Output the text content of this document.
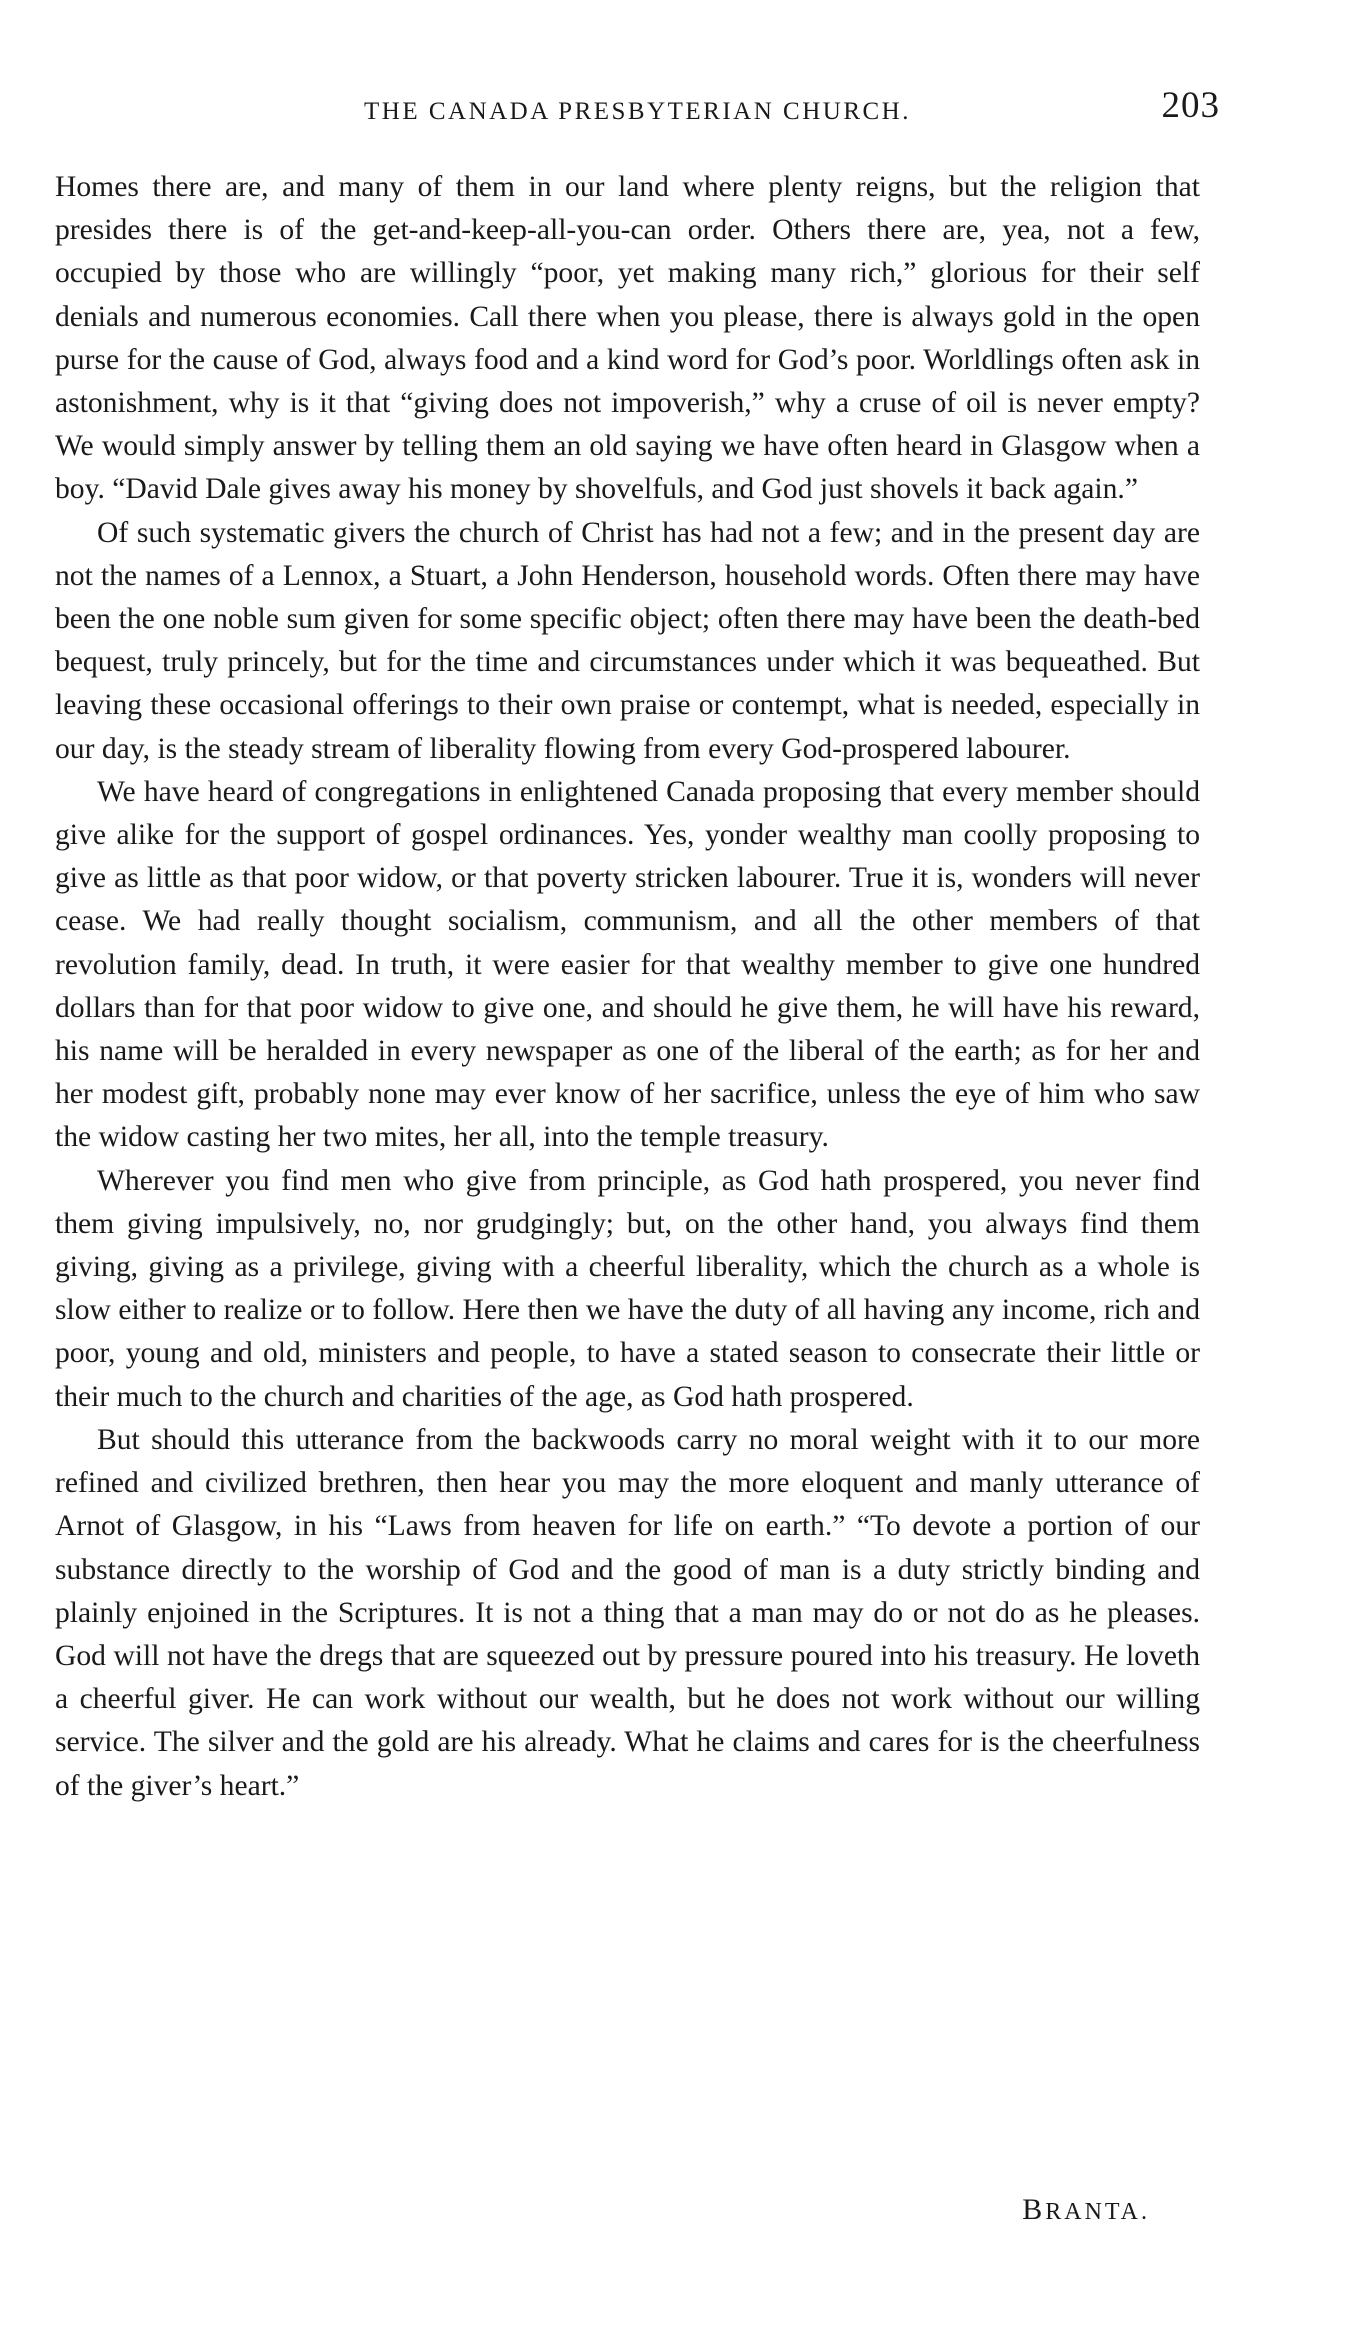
THE CANADA PRESBYTERIAN CHURCH.	203

Homes there are, and many of them in our land where plenty reigns, but the religion that presides there is of the get-and-keep-all-you-can order. Others there are, yea, not a few, occupied by those who are willingly “poor, yet making many rich,” glorious for their self denials and numerous economies. Call there when you please, there is always gold in the open purse for the cause of God, always food and a kind word for God’s poor. Worldlings often ask in astonishment, why is it that “giving does not impoverish,” why a cruse of oil is never empty? We would simply answer by telling them an old saying we have often heard in Glasgow when a boy. “David Dale gives away his money by shovelfuls, and God just shovels it back again.”

Of such systematic givers the church of Christ has had not a few; and in the present day are not the names of a Lennox, a Stuart, a John Henderson, household words. Often there may have been the one noble sum given for some specific object; often there may have been the death-bed bequest, truly princely, but for the time and circumstances under which it was bequeathed. But leaving these occasional offerings to their own praise or contempt, what is needed, especially in our day, is the steady stream of liberality flowing from every God-prospered labourer.

We have heard of congregations in enlightened Canada proposing that every member should give alike for the support of gospel ordinances. Yes, yonder wealthy man coolly proposing to give as little as that poor widow, or that poverty stricken labourer. True it is, wonders will never cease. We had really thought socialism, communism, and all the other members of that revolution family, dead. In truth, it were easier for that wealthy member to give one hundred dollars than for that poor widow to give one, and should he give them, he will have his reward, his name will be heralded in every newspaper as one of the liberal of the earth; as for her and her modest gift, probably none may ever know of her sacrifice, unless the eye of him who saw the widow casting her two mites, her all, into the temple treasury.

Wherever you find men who give from principle, as God hath prospered, you never find them giving impulsively, no, nor grudgingly; but, on the other hand, you always find them giving, giving as a privilege, giving with a cheerful liberality, which the church as a whole is slow either to realize or to follow. Here then we have the duty of all having any income, rich and poor, young and old, ministers and people, to have a stated season to consecrate their little or their much to the church and charities of the age, as God hath prospered.

But should this utterance from the backwoods carry no moral weight with it to our more refined and civilized brethren, then hear you may the more eloquent and manly utterance of Arnot of Glasgow, in his “Laws from heaven for life on earth.” “To devote a portion of our substance directly to the worship of God and the good of man is a duty strictly binding and plainly enjoined in the Scriptures. It is not a thing that a man may do or not do as he pleases. God will not have the dregs that are squeezed out by pressure poured into his treasury. He loveth a cheerful giver. He can work without our wealth, but he does not work without our willing service. The silver and the gold are his already. What he claims and cares for is the cheerfulness of the giver’s heart.”

BRANTA.
